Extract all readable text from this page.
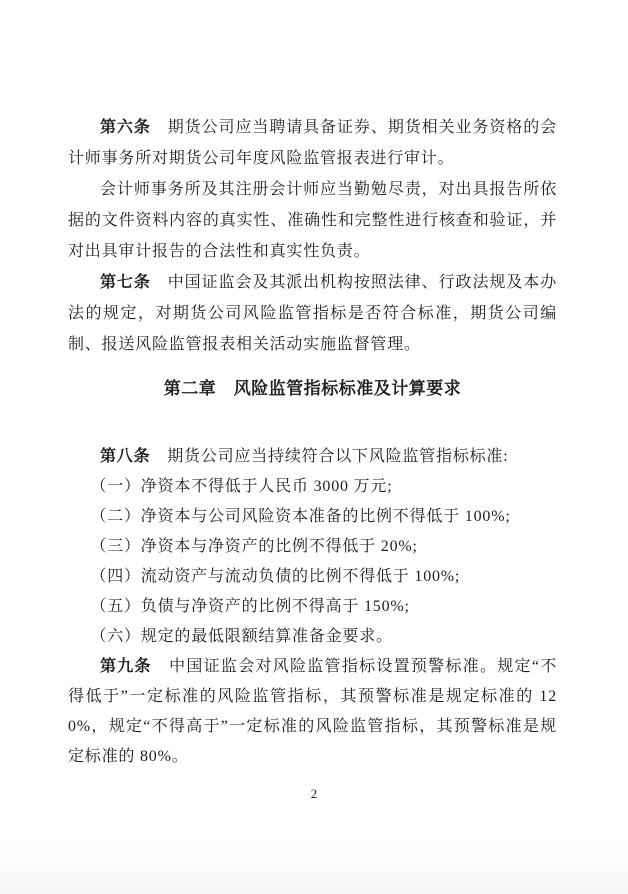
第六条　 期货公司应当聘请具备证券、期货相关业务资格的会计师事务所对期货公司年度风险监管报表进行审计。

会计师事务所及其注册会计师应当勤勉尽责，对出具报告所依据的文件资料内容的真实性、准确性和完整性进行核查和验证，并对出具审计报告的合法性和真实性负责。

第七条　 中国证监会及其派出机构按照法律、行政法规及本办法的规定，对期货公司风险监管指标是否符合标准，期货公司编制、报送风险监管报表相关活动实施监督管理。

第二章　风险监管指标标准及计算要求

第八条　 期货公司应当持续符合以下风险监管指标标准:

（一）净资本不得低于人民币 3000 万元;

（二）净资本与公司风险资本准备的比例不得低于 100%;

（三）净资本与净资产的比例不得低于 20%;

（四）流动资产与流动负债的比例不得低于 100%;

（五）负债与净资产的比例不得高于 150%;

（六）规定的最低限额结算准备金要求。

第九条　 中国证监会对风险监管指标设置预警标准。规定“不得低于”一定标准的风险监管指标，其预警标准是规定标准的 120%，规定“不得高于”一定标准的风险监管指标，其预警标准是规定标准的 80%。

2
